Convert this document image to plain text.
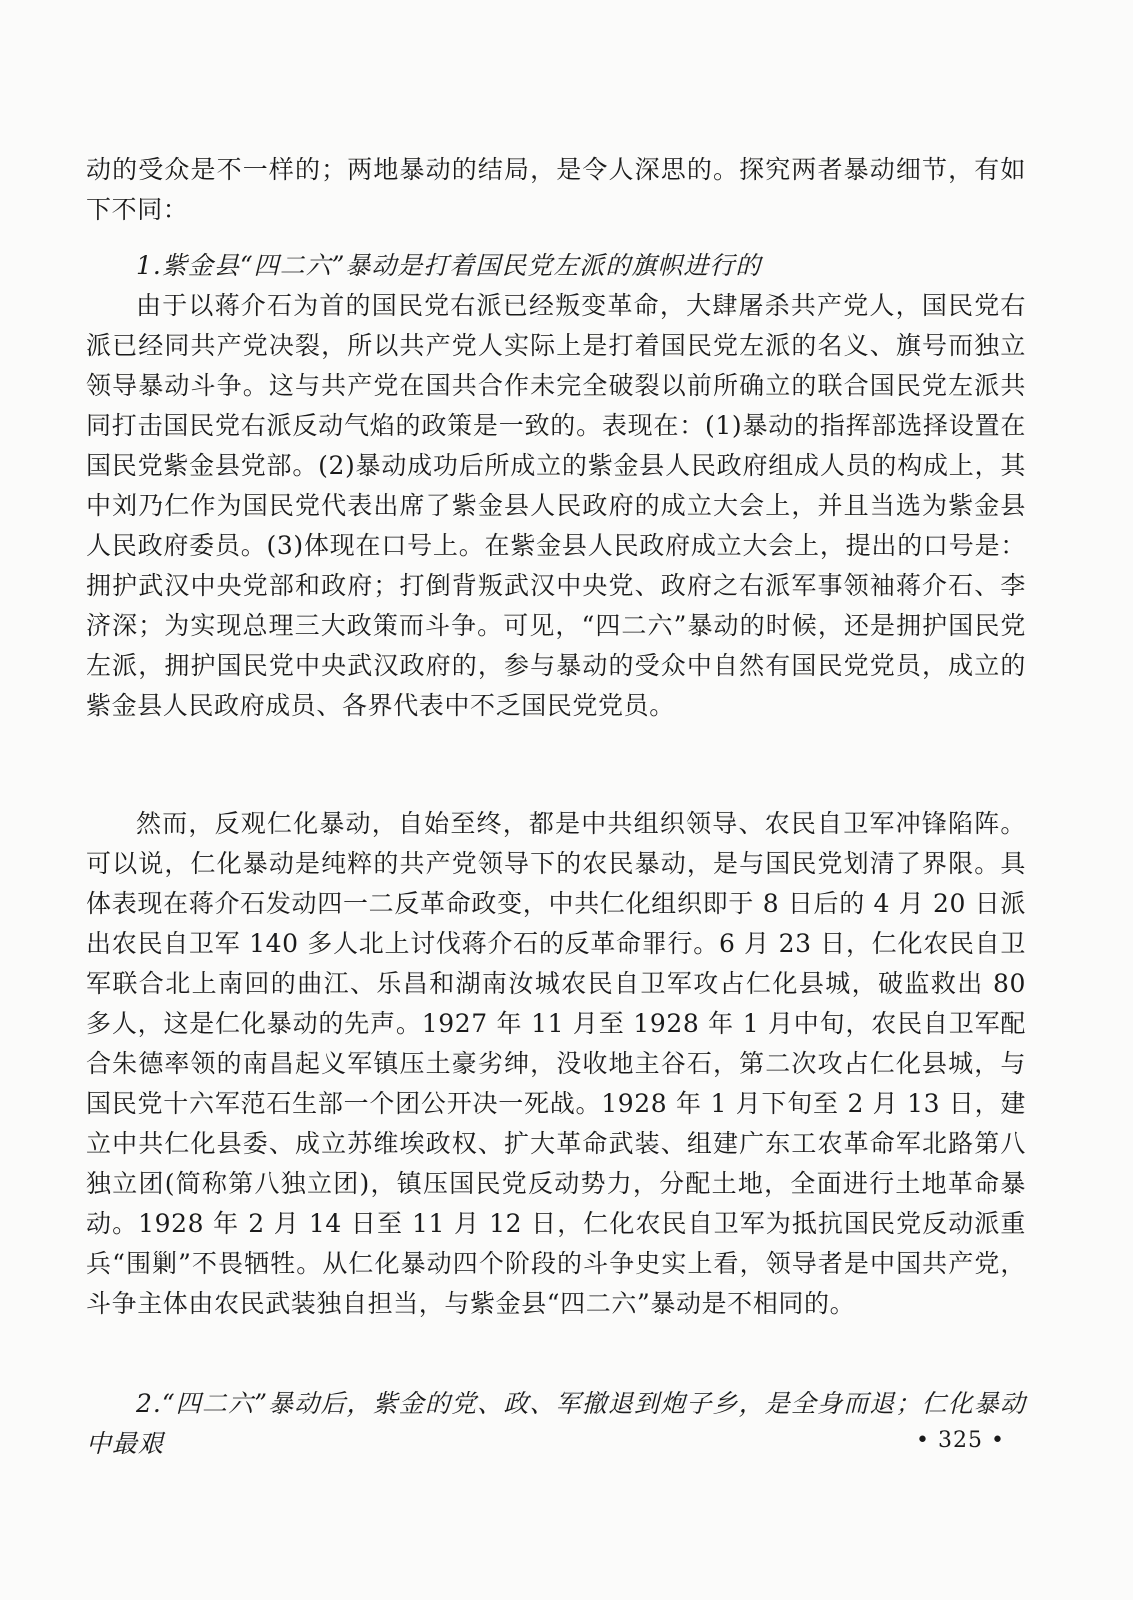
动的受众是不一样的；两地暴动的结局，是令人深思的。探究两者暴动细节，有如下不同：

1.紫金县“四二六”暴动是打着国民党左派的旗帜进行的

由于以蒋介石为首的国民党右派已经叛变革命，大肆屠杀共产党人，国民党右派已经同共产党决裂，所以共产党人实际上是打着国民党左派的名义、旗号而独立领导暴动斗争。这与共产党在国共合作未完全破裂以前所确立的联合国民党左派共同打击国民党右派反动气焰的政策是一致的。表现在：(1)暴动的指挥部选择设置在国民党紫金县党部。(2)暴动成功后所成立的紫金县人民政府组成人员的构成上，其中刘乃仁作为国民党代表出席了紫金县人民政府的成立大会上，并且当选为紫金县人民政府委员。(3)体现在口号上。在紫金县人民政府成立大会上，提出的口号是：拥护武汉中央党部和政府；打倒背叛武汉中央党、政府之右派军事领袖蒋介石、李济深；为实现总理三大政策而斗争。可见，“四二六”暴动的时候，还是拥护国民党左派，拥护国民党中央武汉政府的，参与暴动的受众中自然有国民党党员，成立的紫金县人民政府成员、各界代表中不乏国民党党员。

然而，反观仁化暴动，自始至终，都是中共组织领导、农民自卫军冲锋陷阵。可以说，仁化暴动是纯粹的共产党领导下的农民暴动，是与国民党划清了界限。具体表现在蒋介石发动四一二反革命政变，中共仁化组织即于 8 日后的 4 月 20 日派出农民自卫军 140 多人北上讨伐蒋介石的反革命罪行。6 月 23 日，仁化农民自卫军联合北上南回的曲江、乐昌和湖南汝城农民自卫军攻占仁化县城，破监救出 80 多人，这是仁化暴动的先声。1927 年 11 月至 1928 年 1 月中旬，农民自卫军配合朱德率领的南昌起义军镇压土豪劣绅，没收地主谷石，第二次攻占仁化县城，与国民党十六军范石生部一个团公开决一死战。1928 年 1 月下旬至 2 月 13 日，建立中共仁化县委、成立苏维埃政权、扩大革命武装、组建广东工农革命军北路第八独立团(简称第八独立团)，镇压国民党反动势力，分配土地，全面进行土地革命暴动。1928 年 2 月 14 日至 11 月 12 日，仁化农民自卫军为抵抗国民党反动派重兵“围剿”不畏牺牲。从仁化暴动四个阶段的斗争史实上看，领导者是中国共产党，斗争主体由农民武装独自担当，与紫金县“四二六”暴动是不相同的。

2.“四二六”暴动后，紫金的党、政、军撤退到炮子乡，是全身而退；仁化暴动中最艰	• 325 •
